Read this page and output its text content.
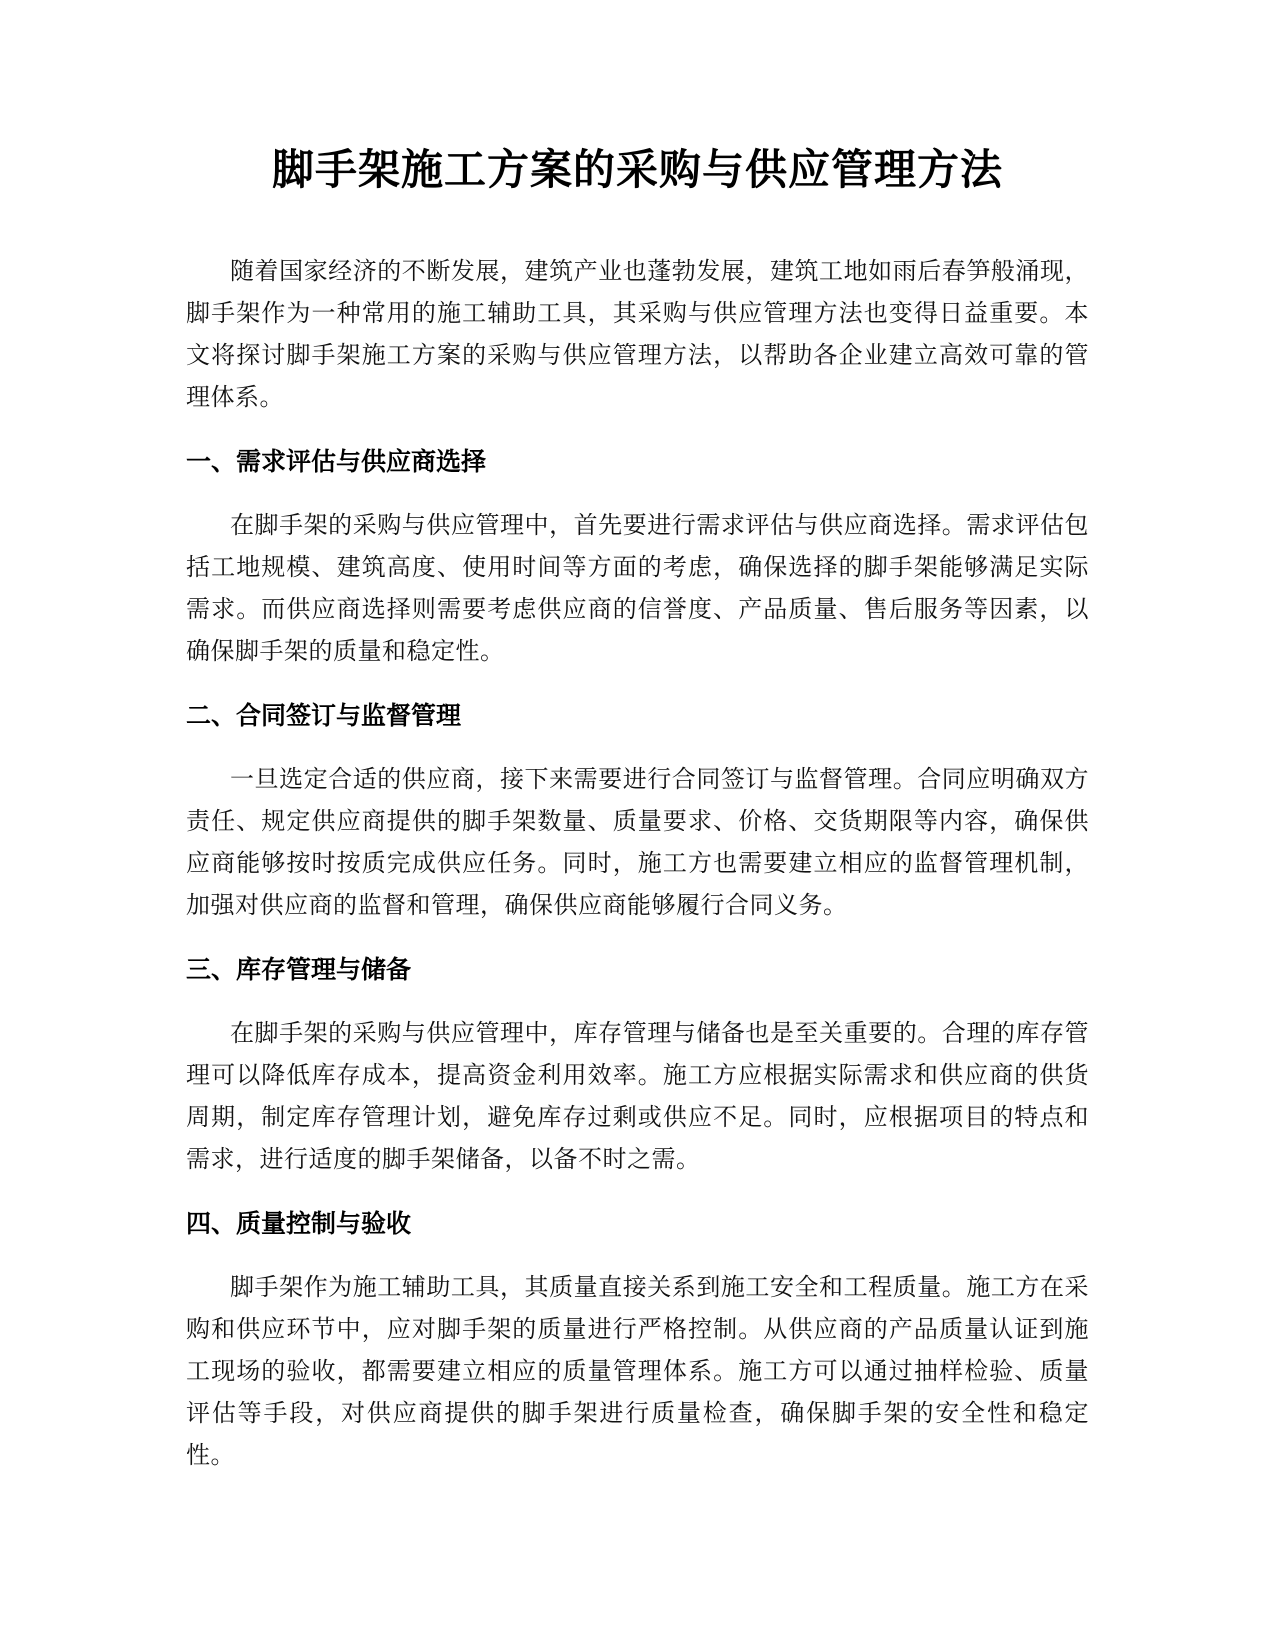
脚手架施工方案的采购与供应管理方法

随着国家经济的不断发展，建筑产业也蓬勃发展，建筑工地如雨后春笋般涌现，脚手架作为一种常用的施工辅助工具，其采购与供应管理方法也变得日益重要。本文将探讨脚手架施工方案的采购与供应管理方法，以帮助各企业建立高效可靠的管理体系。

一、需求评估与供应商选择

在脚手架的采购与供应管理中，首先要进行需求评估与供应商选择。需求评估包括工地规模、建筑高度、使用时间等方面的考虑，确保选择的脚手架能够满足实际需求。而供应商选择则需要考虑供应商的信誉度、产品质量、售后服务等因素，以确保脚手架的质量和稳定性。

二、合同签订与监督管理

一旦选定合适的供应商，接下来需要进行合同签订与监督管理。合同应明确双方责任、规定供应商提供的脚手架数量、质量要求、价格、交货期限等内容，确保供应商能够按时按质完成供应任务。同时，施工方也需要建立相应的监督管理机制，加强对供应商的监督和管理，确保供应商能够履行合同义务。

三、库存管理与储备

在脚手架的采购与供应管理中，库存管理与储备也是至关重要的。合理的库存管理可以降低库存成本，提高资金利用效率。施工方应根据实际需求和供应商的供货周期，制定库存管理计划，避免库存过剩或供应不足。同时，应根据项目的特点和需求，进行适度的脚手架储备，以备不时之需。

四、质量控制与验收

脚手架作为施工辅助工具，其质量直接关系到施工安全和工程质量。施工方在采购和供应环节中，应对脚手架的质量进行严格控制。从供应商的产品质量认证到施工现场的验收，都需要建立相应的质量管理体系。施工方可以通过抽样检验、质量评估等手段，对供应商提供的脚手架进行质量检查，确保脚手架的安全性和稳定性。
